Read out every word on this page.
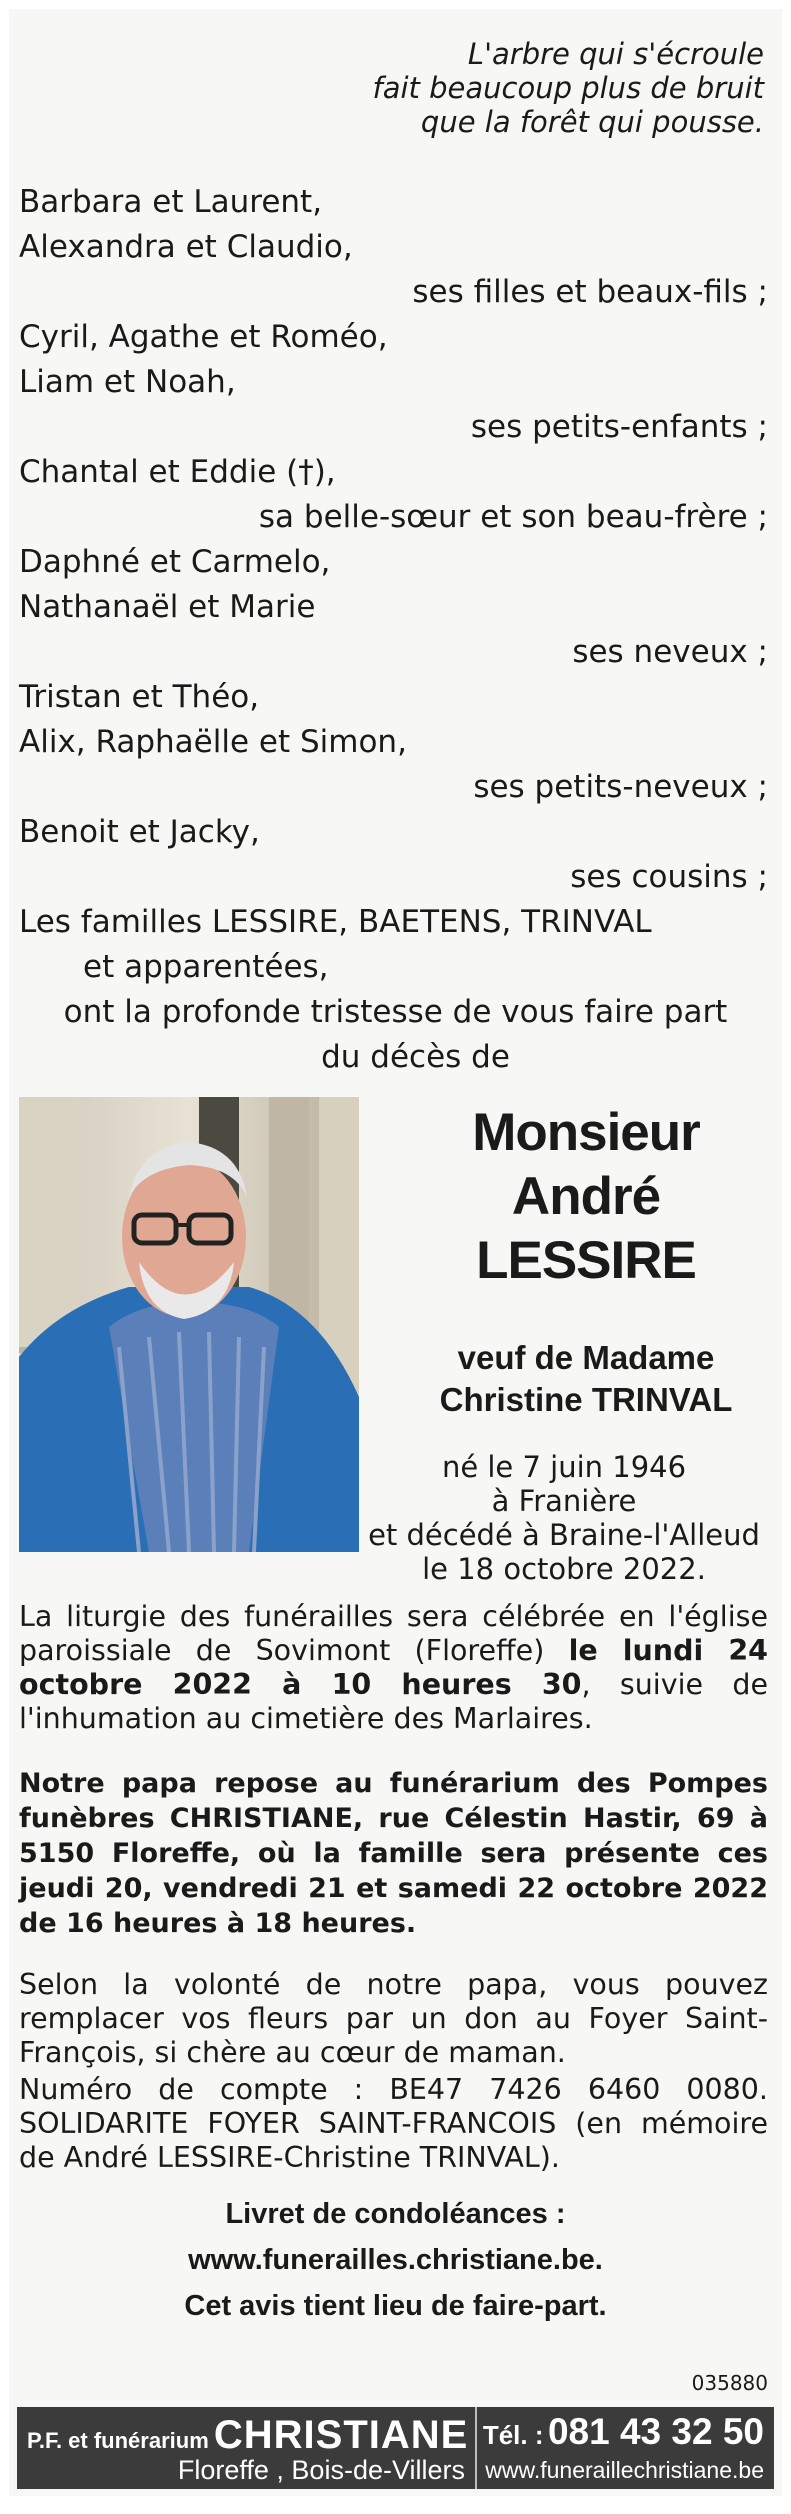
L'arbre qui s'écroule
fait beaucoup plus de bruit
que la forêt qui pousse.
Barbara et Laurent,
Alexandra et Claudio,
ses filles et beaux-fils ;
Cyril, Agathe et Roméo,
Liam et Noah,
ses petits-enfants ;
Chantal et Eddie (†),
sa belle-sœur et son beau-frère ;
Daphné et Carmelo,
Nathanaël et Marie
ses neveux ;
Tristan et Théo,
Alix, Raphaëlle et Simon,
ses petits-neveux ;
Benoit et Jacky,
ses cousins ;
Les familles LESSIRE, BAETENS, TRINVAL
et apparentées,
ont la profonde tristesse de vous faire part
du décès de
Monsieur
André
LESSIRE
veuf de Madame
Christine TRINVAL
né le 7 juin 1946
à Franière
et décédé à Braine-l'Alleud
le 18 octobre 2022.
La liturgie des funérailles sera célébrée en l'église paroissiale de Sovimont (Floreffe) le lundi 24 octobre 2022 à 10 heures 30, suivie de l'inhumation au cimetière des Marlaires.
Notre papa repose au funérarium des Pompes funèbres CHRISTIANE, rue Célestin Hastir, 69 à 5150 Floreffe, où la famille sera présente ces jeudi 20, vendredi 21 et samedi 22 octobre 2022 de 16 heures à 18 heures.
Selon la volonté de notre papa, vous pouvez remplacer vos fleurs par un don au Foyer Saint-François, si chère au cœur de maman.
Numéro de compte : BE47 7426 6460 0080. SOLIDARITE FOYER SAINT-FRANCOIS (en mémoire de André LESSIRE-Christine TRINVAL).
Livret de condoléances :
www.funerailles.christiane.be.
Cet avis tient lieu de faire-part.
035880
P.F. et funérarium CHRISTIANE
Floreffe , Bois-de-Villers
Tél. : 081 43 32 50
www.funeraillechristiane.be
